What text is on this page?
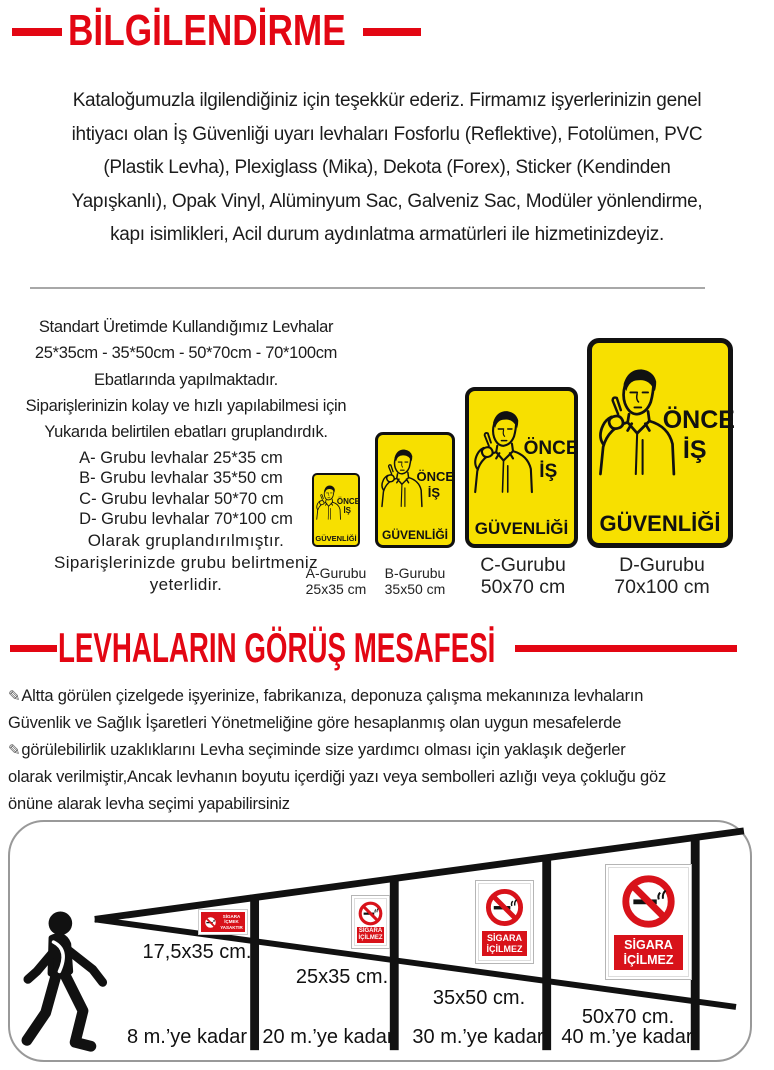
BİLGİLENDİRME
Kataloğumuzla ilgilendiğiniz için teşekkür ederiz. Firmamız işyerlerinizin genel
ihtiyacı olan İş Güvenliği uyarı levhaları Fosforlu (Reflektive), Fotolümen, PVC
(Plastik Levha), Plexiglass (Mika), Dekota (Forex), Sticker (Kendinden
Yapışkanlı), Opak Vinyl, Alüminyum Sac, Galveniz Sac, Modüler yönlendirme,
kapı isimlikleri, Acil durum aydınlatma armatürleri ile hizmetinizdeyiz.
Standart Üretimde Kullandığımız Levhalar
25*35cm - 35*50cm - 50*70cm - 70*100cm
Ebatlarında yapılmaktadır.
Siparişlerinizin kolay ve hızlı yapılabilmesi için
Yukarıda belirtilen ebatları gruplandırdık.
A- Grubu levhalar 25*35 cm
B- Grubu levhalar 35*50 cm
C- Grubu levhalar 50*70 cm
D- Grubu levhalar 70*100 cm
Olarak gruplandırılmıştır.
Siparişlerinizde grubu belirtmeniz
yeterlidir.
ÖNCE
İŞ
GÜVENLİĞİ
ÖNCE
İŞ
GÜVENLİĞİ
ÖNCE
İŞ
GÜVENLİĞİ
ÖNCE
İŞ
GÜVENLİĞİ
A-Gurubu
25x35 cm
B-Gurubu
35x50 cm
C-Gurubu
50x70 cm
D-Gurubu
70x100 cm
LEVHALARIN GÖRÜŞ MESAFESİ
✎Altta görülen çizelgede işyerinize, fabrikanıza, deponuza çalışma mekanınıza levhaların
Güvenlik ve Sağlık İşaretleri Yönetmeliğine göre hesaplanmış olan uygun mesafelerde
✎görülebilirlik uzaklıklarını Levha seçiminde size yardımcı olması için yaklaşık değerler
olarak verilmiştir,Ancak levhanın boyutu içerdiği yazı veya sembolleri azlığı veya çokluğu göz
önüne alarak levha seçimi yapabilirsiniz
SİGARA
İÇMEK
YASAKTIR
SİGARA
İÇİLMEZ	SİGARA
İÇİLMEZ	SİGARA
İÇİLMEZ
17,5x35 cm.
25x35 cm.
35x50 cm.
50x70 cm.
8 m.’ye kadar 20 m.’ye kadar 30 m.’ye kadar 40 m.’ye kadar
